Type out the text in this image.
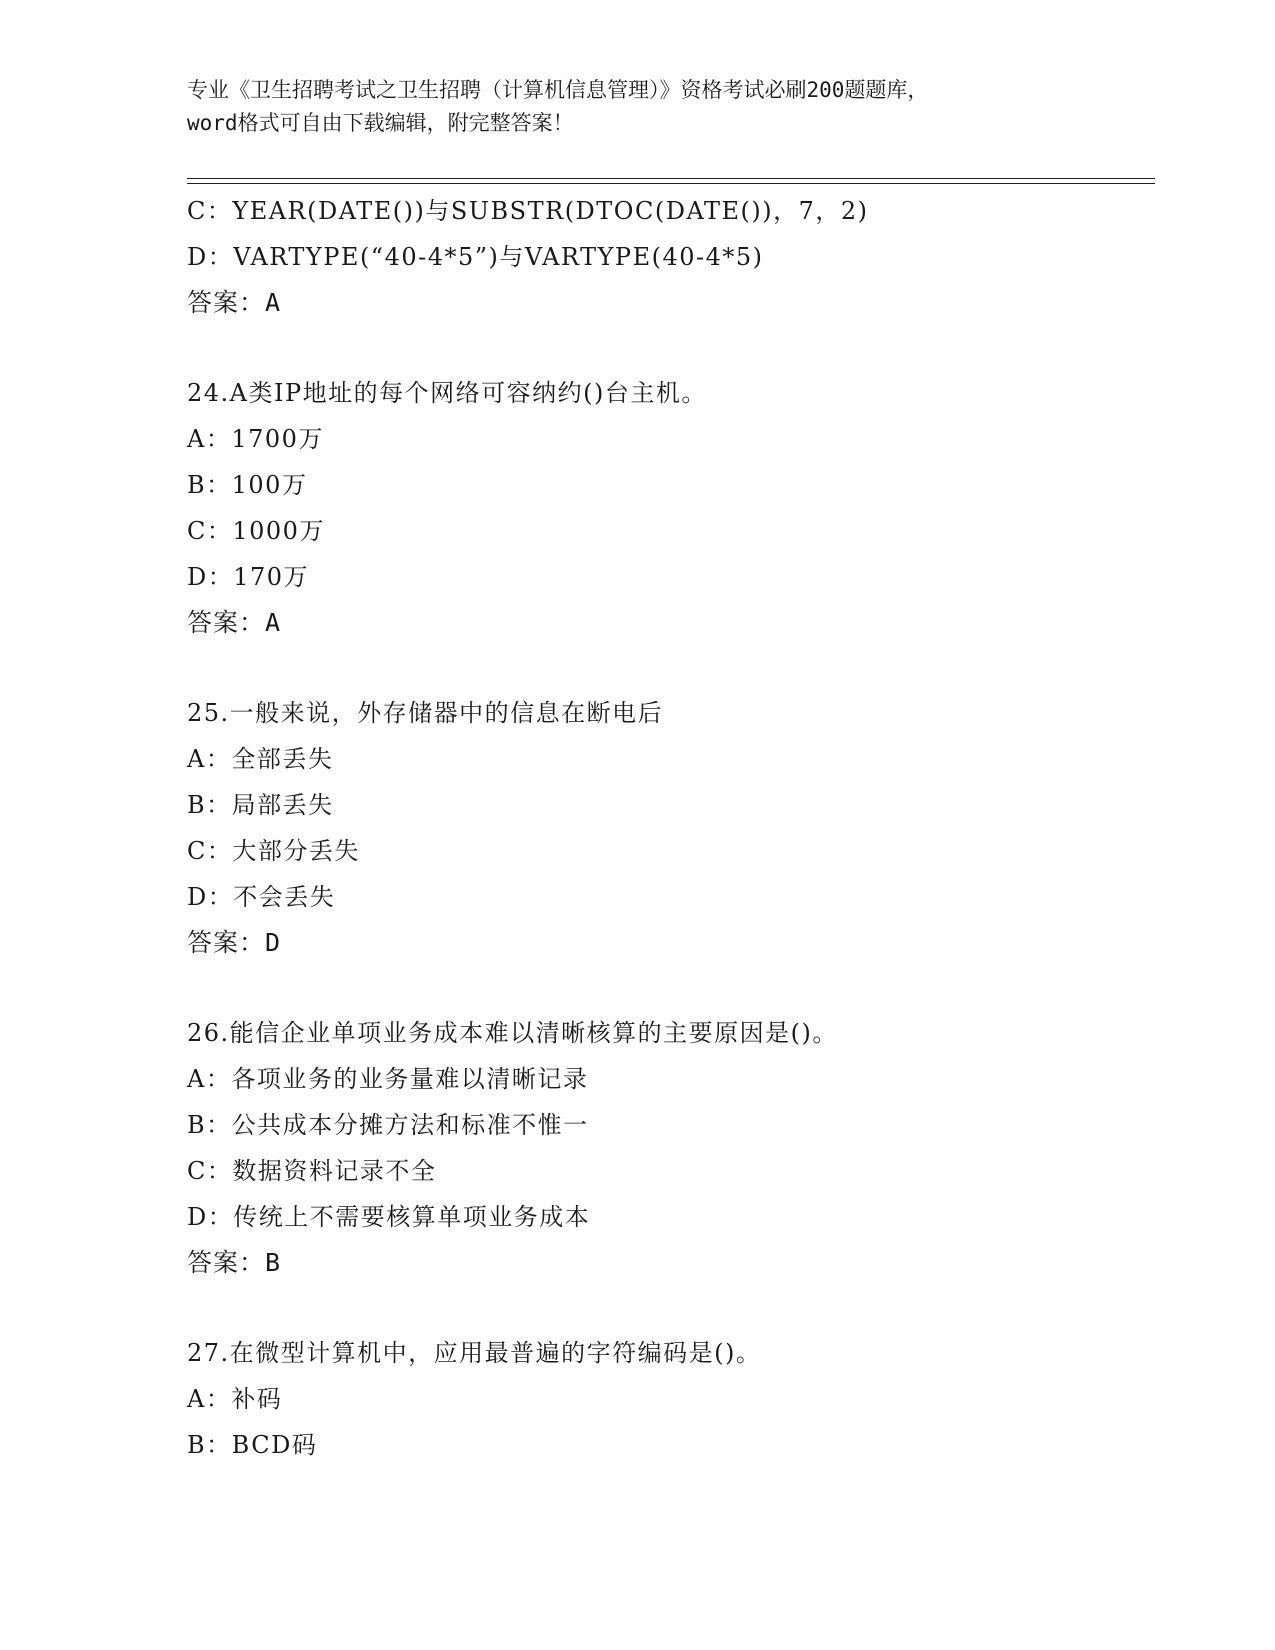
专业《卫生招聘考试之卫生招聘（计算机信息管理）》资格考试必刷200题题库，
word格式可自由下载编辑，附完整答案！
C：YEAR(DATE())与SUBSTR(DTOC(DATE())，7，2)
D：VARTYPE(“40-4*5”)与VARTYPE(40-4*5)
答案：A
24.A类IP地址的每个网络可容纳约()台主机。
A：1700万
B：100万
C：1000万
D：170万
答案：A
25.一般来说，外存储器中的信息在断电后
A：全部丢失
B：局部丢失
C：大部分丢失
D：不会丢失
答案：D
26.能信企业单项业务成本难以清晰核算的主要原因是()。
A：各项业务的业务量难以清晰记录
B：公共成本分摊方法和标准不惟一
C：数据资料记录不全
D：传统上不需要核算单项业务成本
答案：B
27.在微型计算机中，应用最普遍的字符编码是()。
A：补码
B：BCD码
